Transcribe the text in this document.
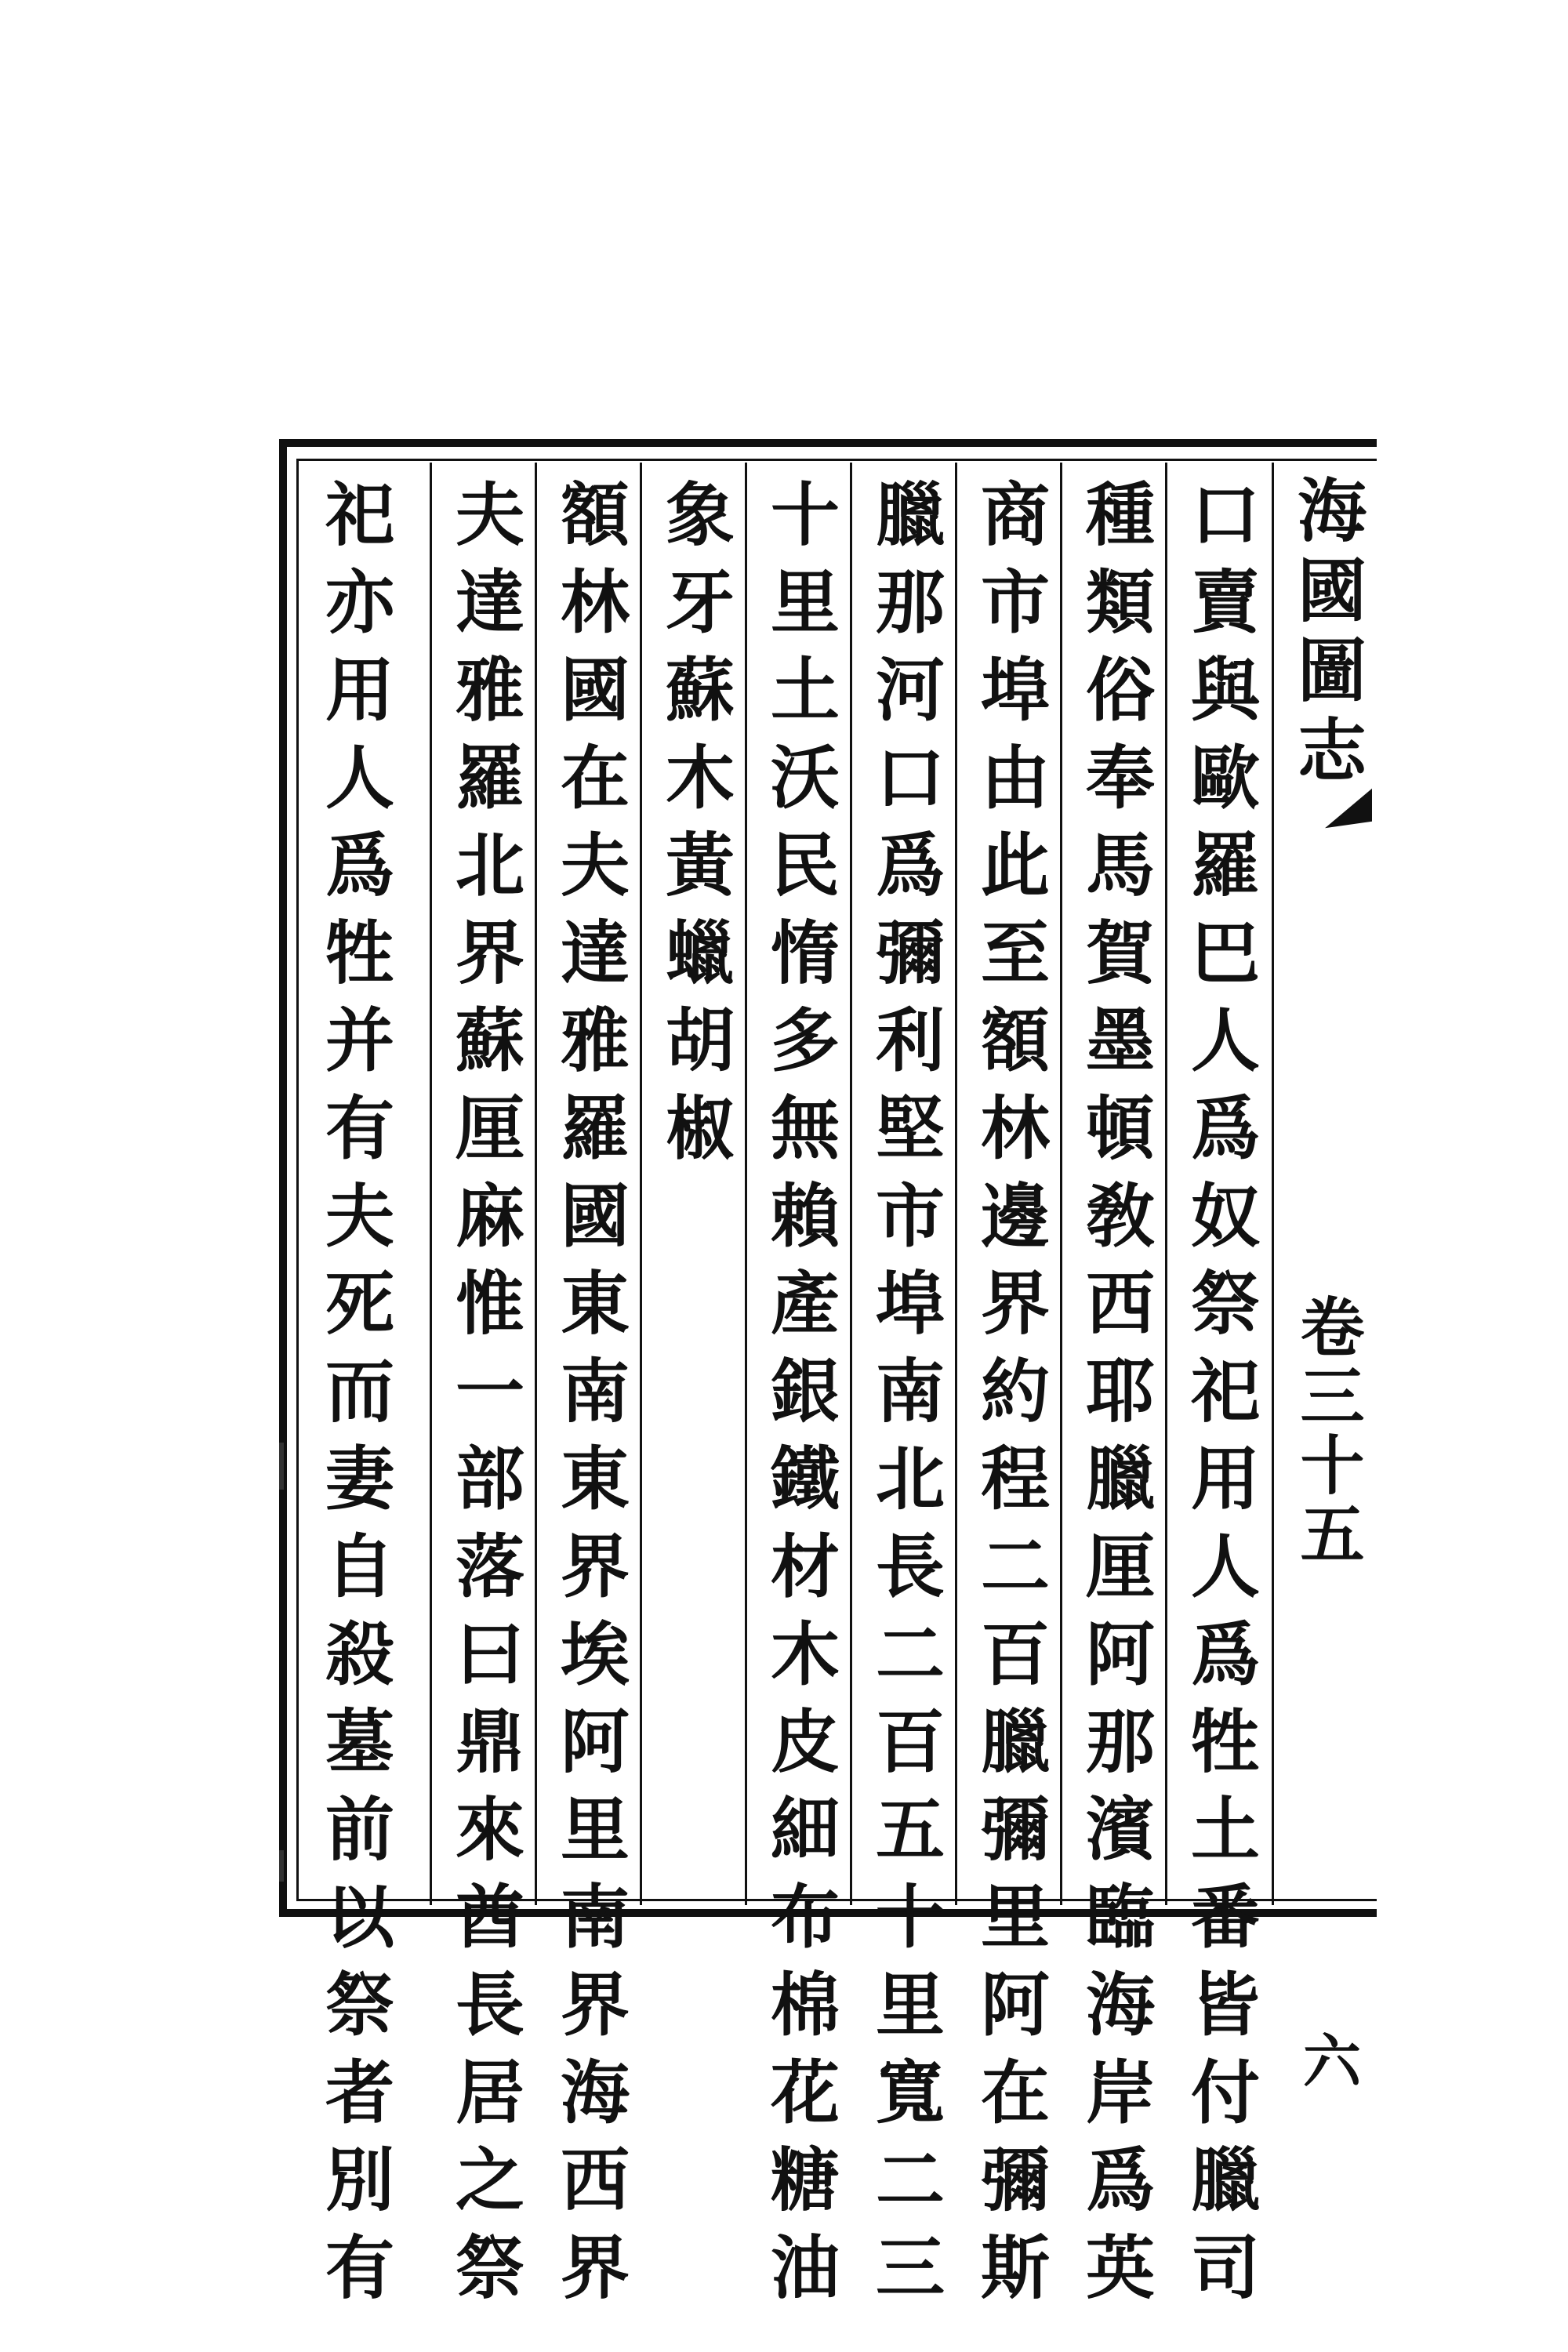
海國圖志
卷三十五
六
口賣與歐羅巴人爲奴祭祀用人爲牲土番皆付臘司
種類俗奉馬賀墨頓敎西耶臘厘阿那濱臨海岸爲英
商市埠由此至額林邊界約程二百臘彌里阿在彌斯
臘那河口爲彌利堅市埠南北長二百五十里寬二三
十里土沃民惰多無賴產銀鐵材木皮細布棉花糖油
象牙蘇木黃蠟胡椒
額林國在夫達雅羅國東南東界埃阿里南界海西界
夫達雅羅北界蘇厘麻惟一部落曰鼎來酋長居之祭
祀亦用人爲牲并有夫死而妻自殺墓前以祭者別有
